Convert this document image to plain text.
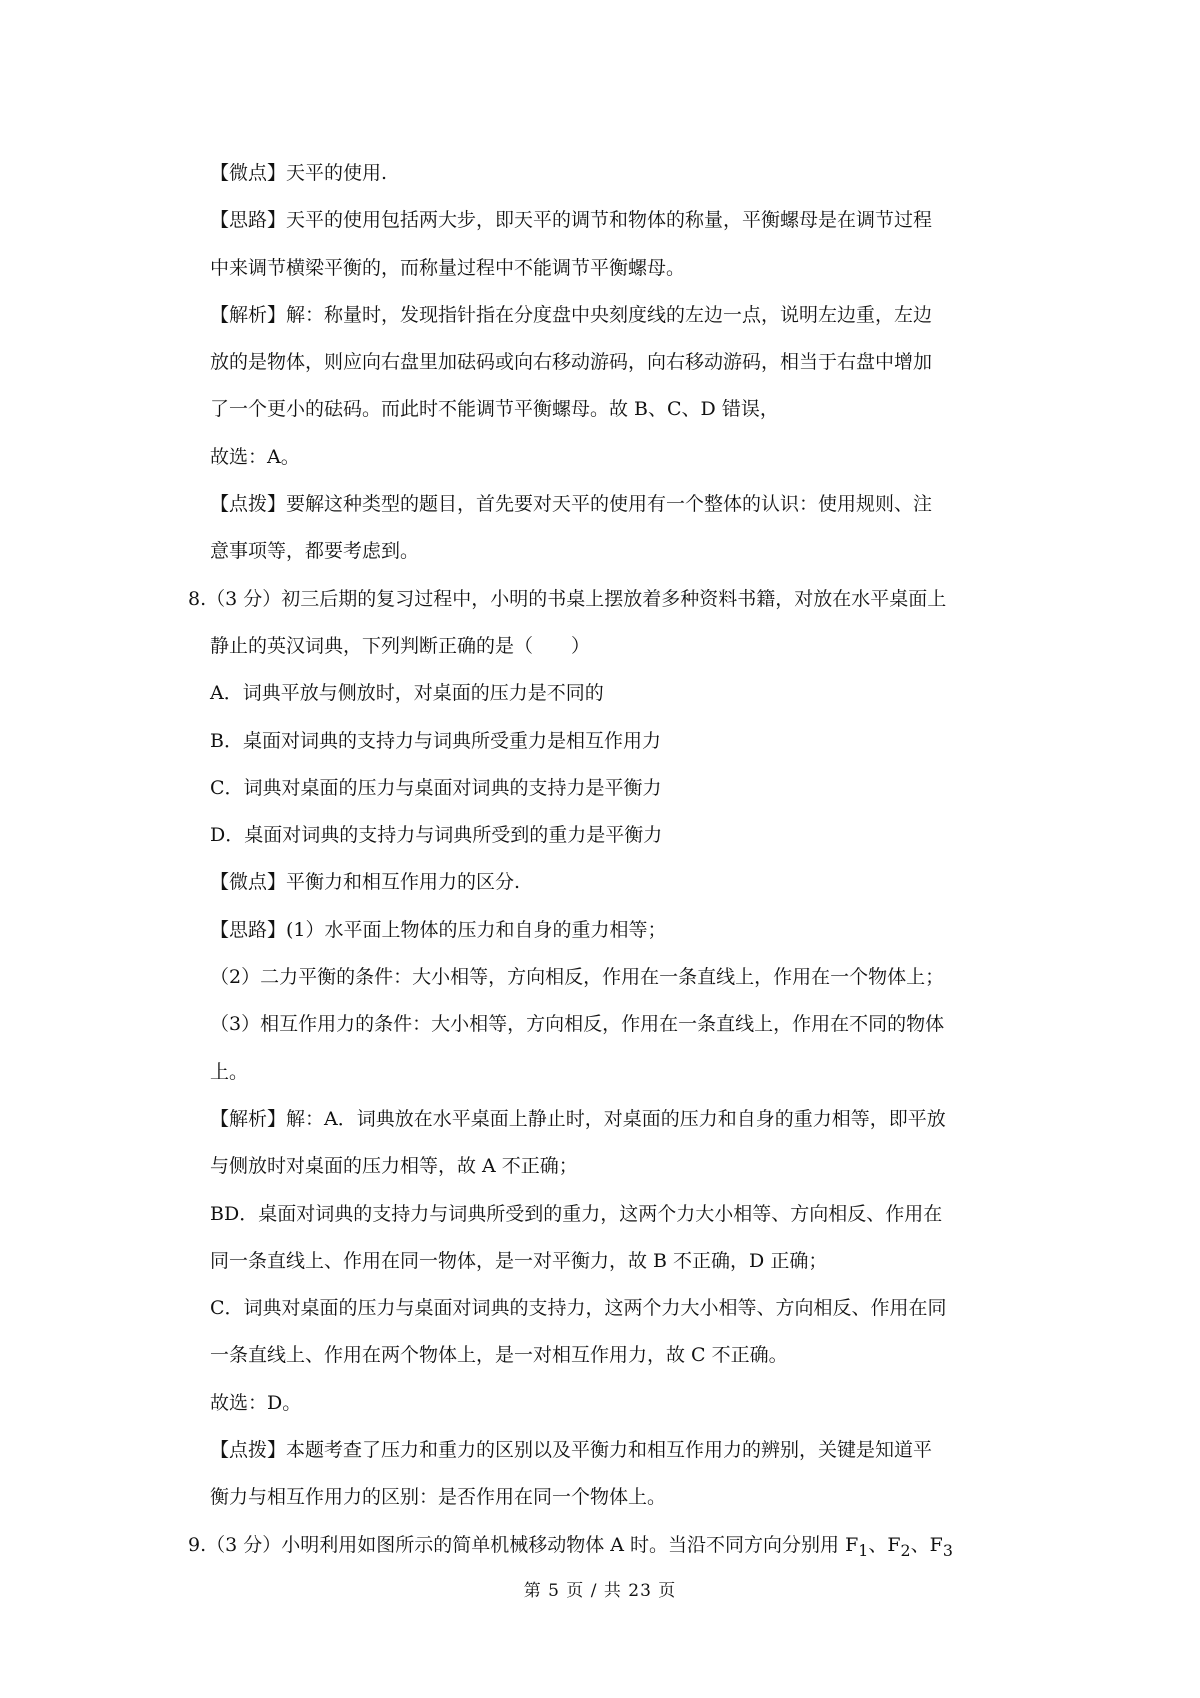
【微点】天平的使用.
【思路】天平的使用包括两大步，即天平的调节和物体的称量，平衡螺母是在调节过程
中来调节横梁平衡的，而称量过程中不能调节平衡螺母。
【解析】解：称量时，发现指针指在分度盘中央刻度线的左边一点，说明左边重，左边
放的是物体，则应向右盘里加砝码或向右移动游码，向右移动游码，相当于右盘中增加
了一个更小的砝码。而此时不能调节平衡螺母。故 B、C、D 错误，
故选：A。
【点拨】要解这种类型的题目，首先要对天平的使用有一个整体的认识：使用规则、注
意事项等，都要考虑到。
8.（3 分）初三后期的复习过程中，小明的书桌上摆放着多种资料书籍，对放在水平桌面上
静止的英汉词典，下列判断正确的是（　　）
A．词典平放与侧放时，对桌面的压力是不同的
B．桌面对词典的支持力与词典所受重力是相互作用力
C．词典对桌面的压力与桌面对词典的支持力是平衡力
D．桌面对词典的支持力与词典所受到的重力是平衡力
【微点】平衡力和相互作用力的区分.
【思路】(1）水平面上物体的压力和自身的重力相等；
（2）二力平衡的条件：大小相等，方向相反，作用在一条直线上，作用在一个物体上；
（3）相互作用力的条件：大小相等，方向相反，作用在一条直线上，作用在不同的物体
上。
【解析】解：A．词典放在水平桌面上静止时，对桌面的压力和自身的重力相等，即平放
与侧放时对桌面的压力相等，故 A 不正确；
BD．桌面对词典的支持力与词典所受到的重力，这两个力大小相等、方向相反、作用在
同一条直线上、作用在同一物体，是一对平衡力，故 B 不正确，D 正确；
C．词典对桌面的压力与桌面对词典的支持力，这两个力大小相等、方向相反、作用在同
一条直线上、作用在两个物体上，是一对相互作用力，故 C 不正确。
故选：D。
【点拨】本题考查了压力和重力的区别以及平衡力和相互作用力的辨别，关键是知道平
衡力与相互作用力的区别：是否作用在同一个物体上。
9.（3 分）小明利用如图所示的简单机械移动物体 A 时。当沿不同方向分别用 $F_1$、$F_2$、$F_3$
第 5 页 / 共 23 页
